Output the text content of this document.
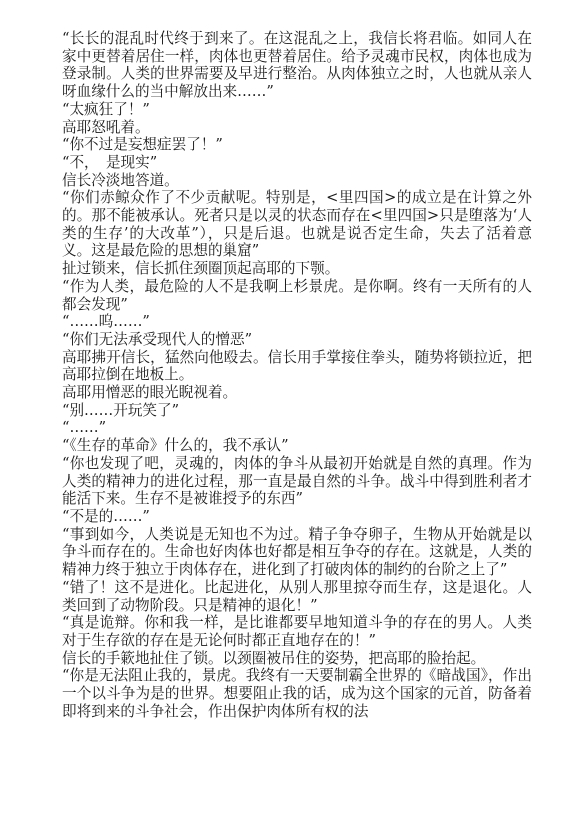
“长长的混乱时代终于到来了。在这混乱之上，我信长将君临。如同人在家中更替着居住一样，肉体也更替着居住。给予灵魂市民权，肉体也成为登录制。人类的世界需要及早进行整治。从肉体独立之时，人也就从亲人呀血缘什么的当中解放出来……”

“太疯狂了！”

高耶怒吼着。

“你不过是妄想症罢了！”

“不，　是现实”

信长冷淡地答道。

“你们赤鲸众作了不少贡献呢。特别是，<里四国>的成立是在计算之外的。那不能被承认。死者只是以灵的状态而存在<里四国>只是堕落为‘人类的生存’的大改革”），只是后退。也就是说否定生命，失去了活着意义。这是最危险的思想的巢窟”

扯过锁来，信长抓住颈圈顶起高耶的下颚。

“作为人类，最危险的人不是我啊上杉景虎。是你啊。终有一天所有的人都会发现”

“……呜……”

“你们无法承受现代人的憎恶”

高耶拂开信长，猛然向他殴去。信长用手掌接住拳头，随势将锁拉近，把高耶拉倒在地板上。

高耶用憎恶的眼光睨视着。

“别……开玩笑了”

“……”

“《生存的革命》什么的，我不承认”

“你也发现了吧，灵魂的，肉体的争斗从最初开始就是自然的真理。作为人类的精神力的进化过程，那一直是最自然的斗争。战斗中得到胜利者才能活下来。生存不是被谁授予的东西”

“不是的……”

“事到如今，人类说是无知也不为过。精子争夺卵子，生物从开始就是以争斗而存在的。生命也好肉体也好都是相互争夺的存在。这就是，人类的精神力终于独立于肉体存在，进化到了打破肉体的制约的台阶之上了”

“错了！这不是进化。比起进化，从别人那里掠夺而生存，这是退化。人类回到了动物阶段。只是精神的退化！”

“真是诡辩。你和我一样，是比谁都要早地知道斗争的存在的男人。人类对于生存欲的存在是无论何时都正直地存在的！”

信长的手簌地扯住了锁。以颈圈被吊住的姿势，把高耶的脸抬起。

“你是无法阻止我的，景虎。我终有一天要制霸全世界的《暗战国》，作出一个以斗争为是的世界。想要阻止我的话，成为这个国家的元首，防备着即将到来的斗争社会，作出保护肉体所有权的法
